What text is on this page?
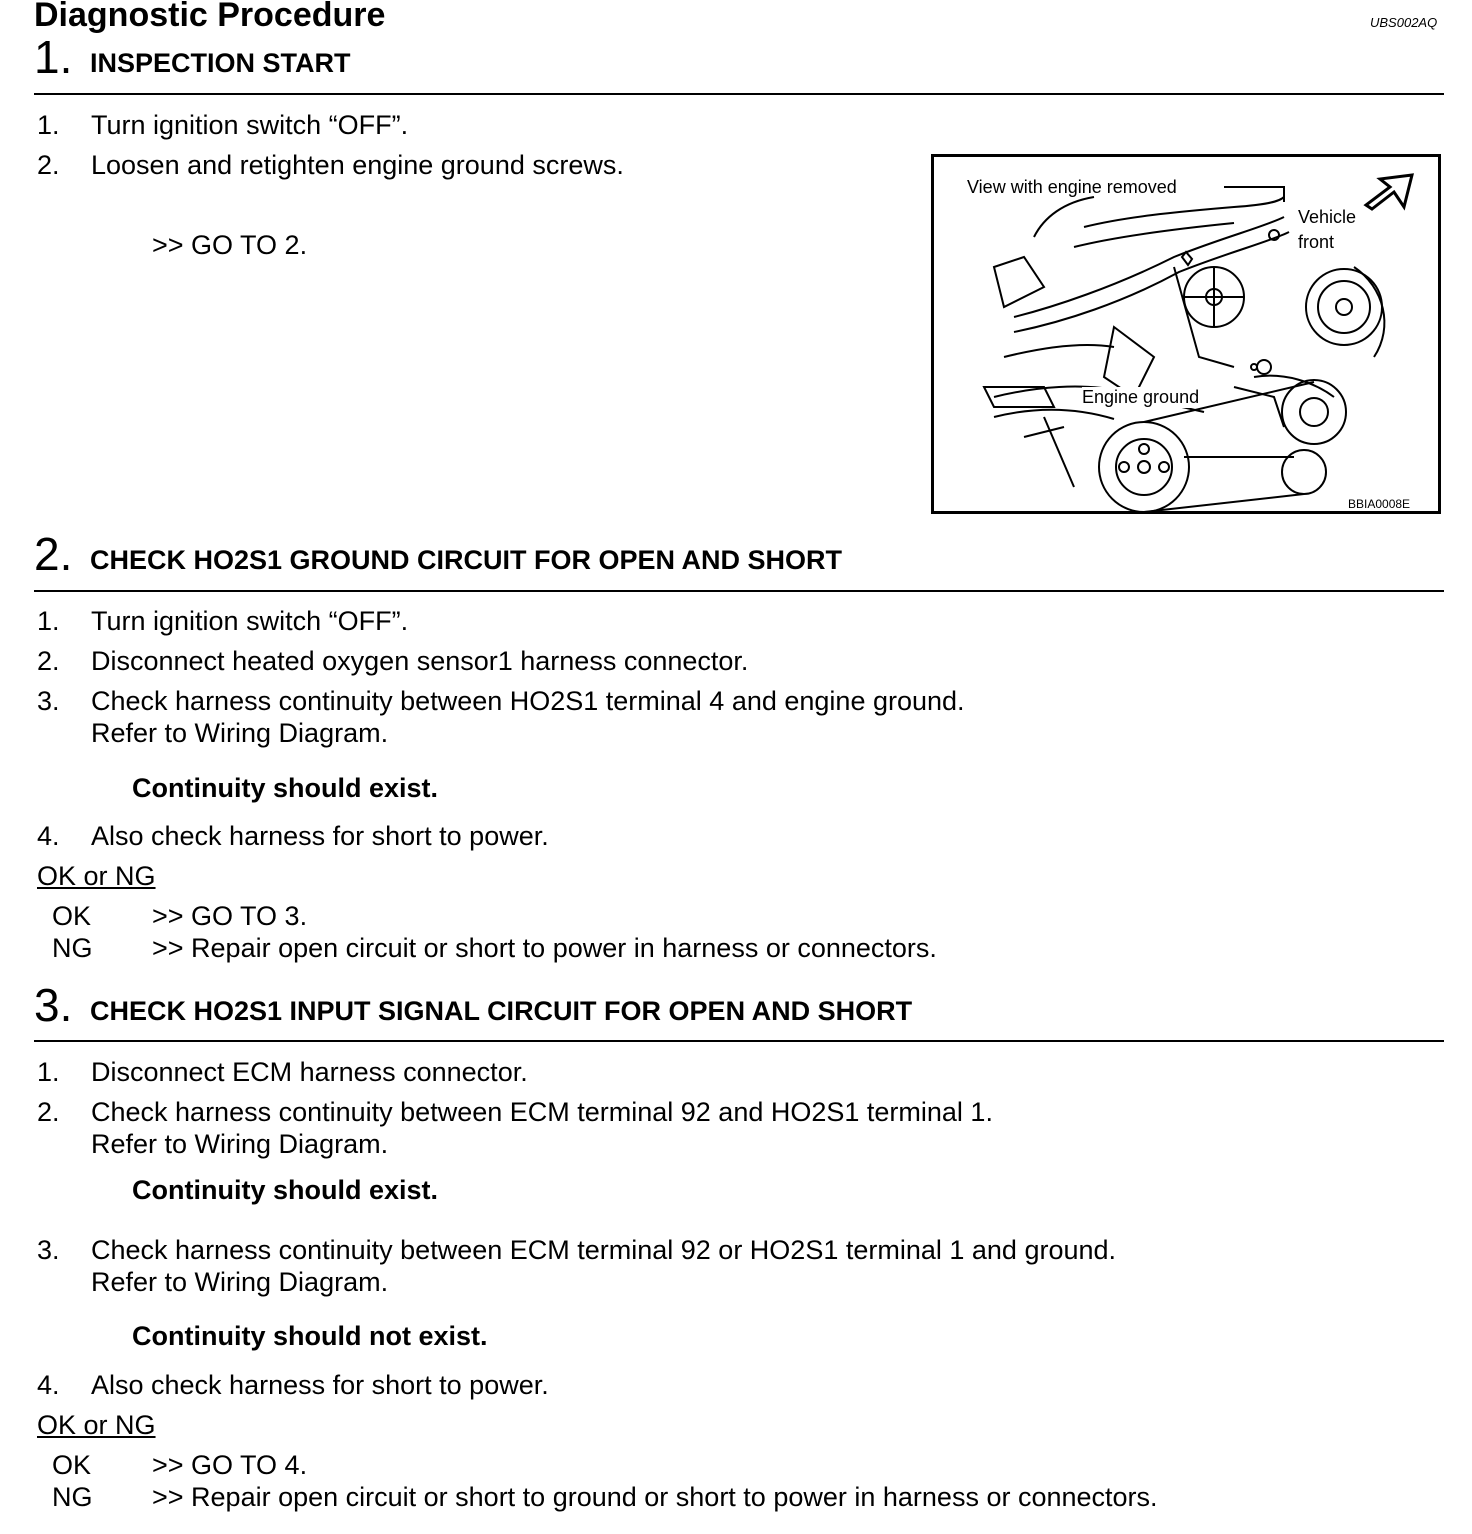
Diagnostic Procedure	UBS002AQ
1. INSPECTION START
1. Turn ignition switch “OFF”.
2. Loosen and retighten engine ground screws.
>> GO TO 2.
View with engine removed
Vehicle
front
Engine ground
BBIA0008E
2. CHECK HO2S1 GROUND CIRCUIT FOR OPEN AND SHORT
1. Turn ignition switch “OFF”.
2. Disconnect heated oxygen sensor1 harness connector.
3. Check harness continuity between HO2S1 terminal 4 and engine ground.
Refer to Wiring Diagram.
Continuity should exist.
4. Also check harness for short to power.
OK or NG
OK >> GO TO 3.
NG >> Repair open circuit or short to power in harness or connectors.
3. CHECK HO2S1 INPUT SIGNAL CIRCUIT FOR OPEN AND SHORT
1. Disconnect ECM harness connector.
2. Check harness continuity between ECM terminal 92 and HO2S1 terminal 1.
Refer to Wiring Diagram.
Continuity should exist.
3. Check harness continuity between ECM terminal 92 or HO2S1 terminal 1 and ground.
Refer to Wiring Diagram.
Continuity should not exist.
4. Also check harness for short to power.
OK or NG
OK >> GO TO 4.
NG >> Repair open circuit or short to ground or short to power in harness or connectors.
